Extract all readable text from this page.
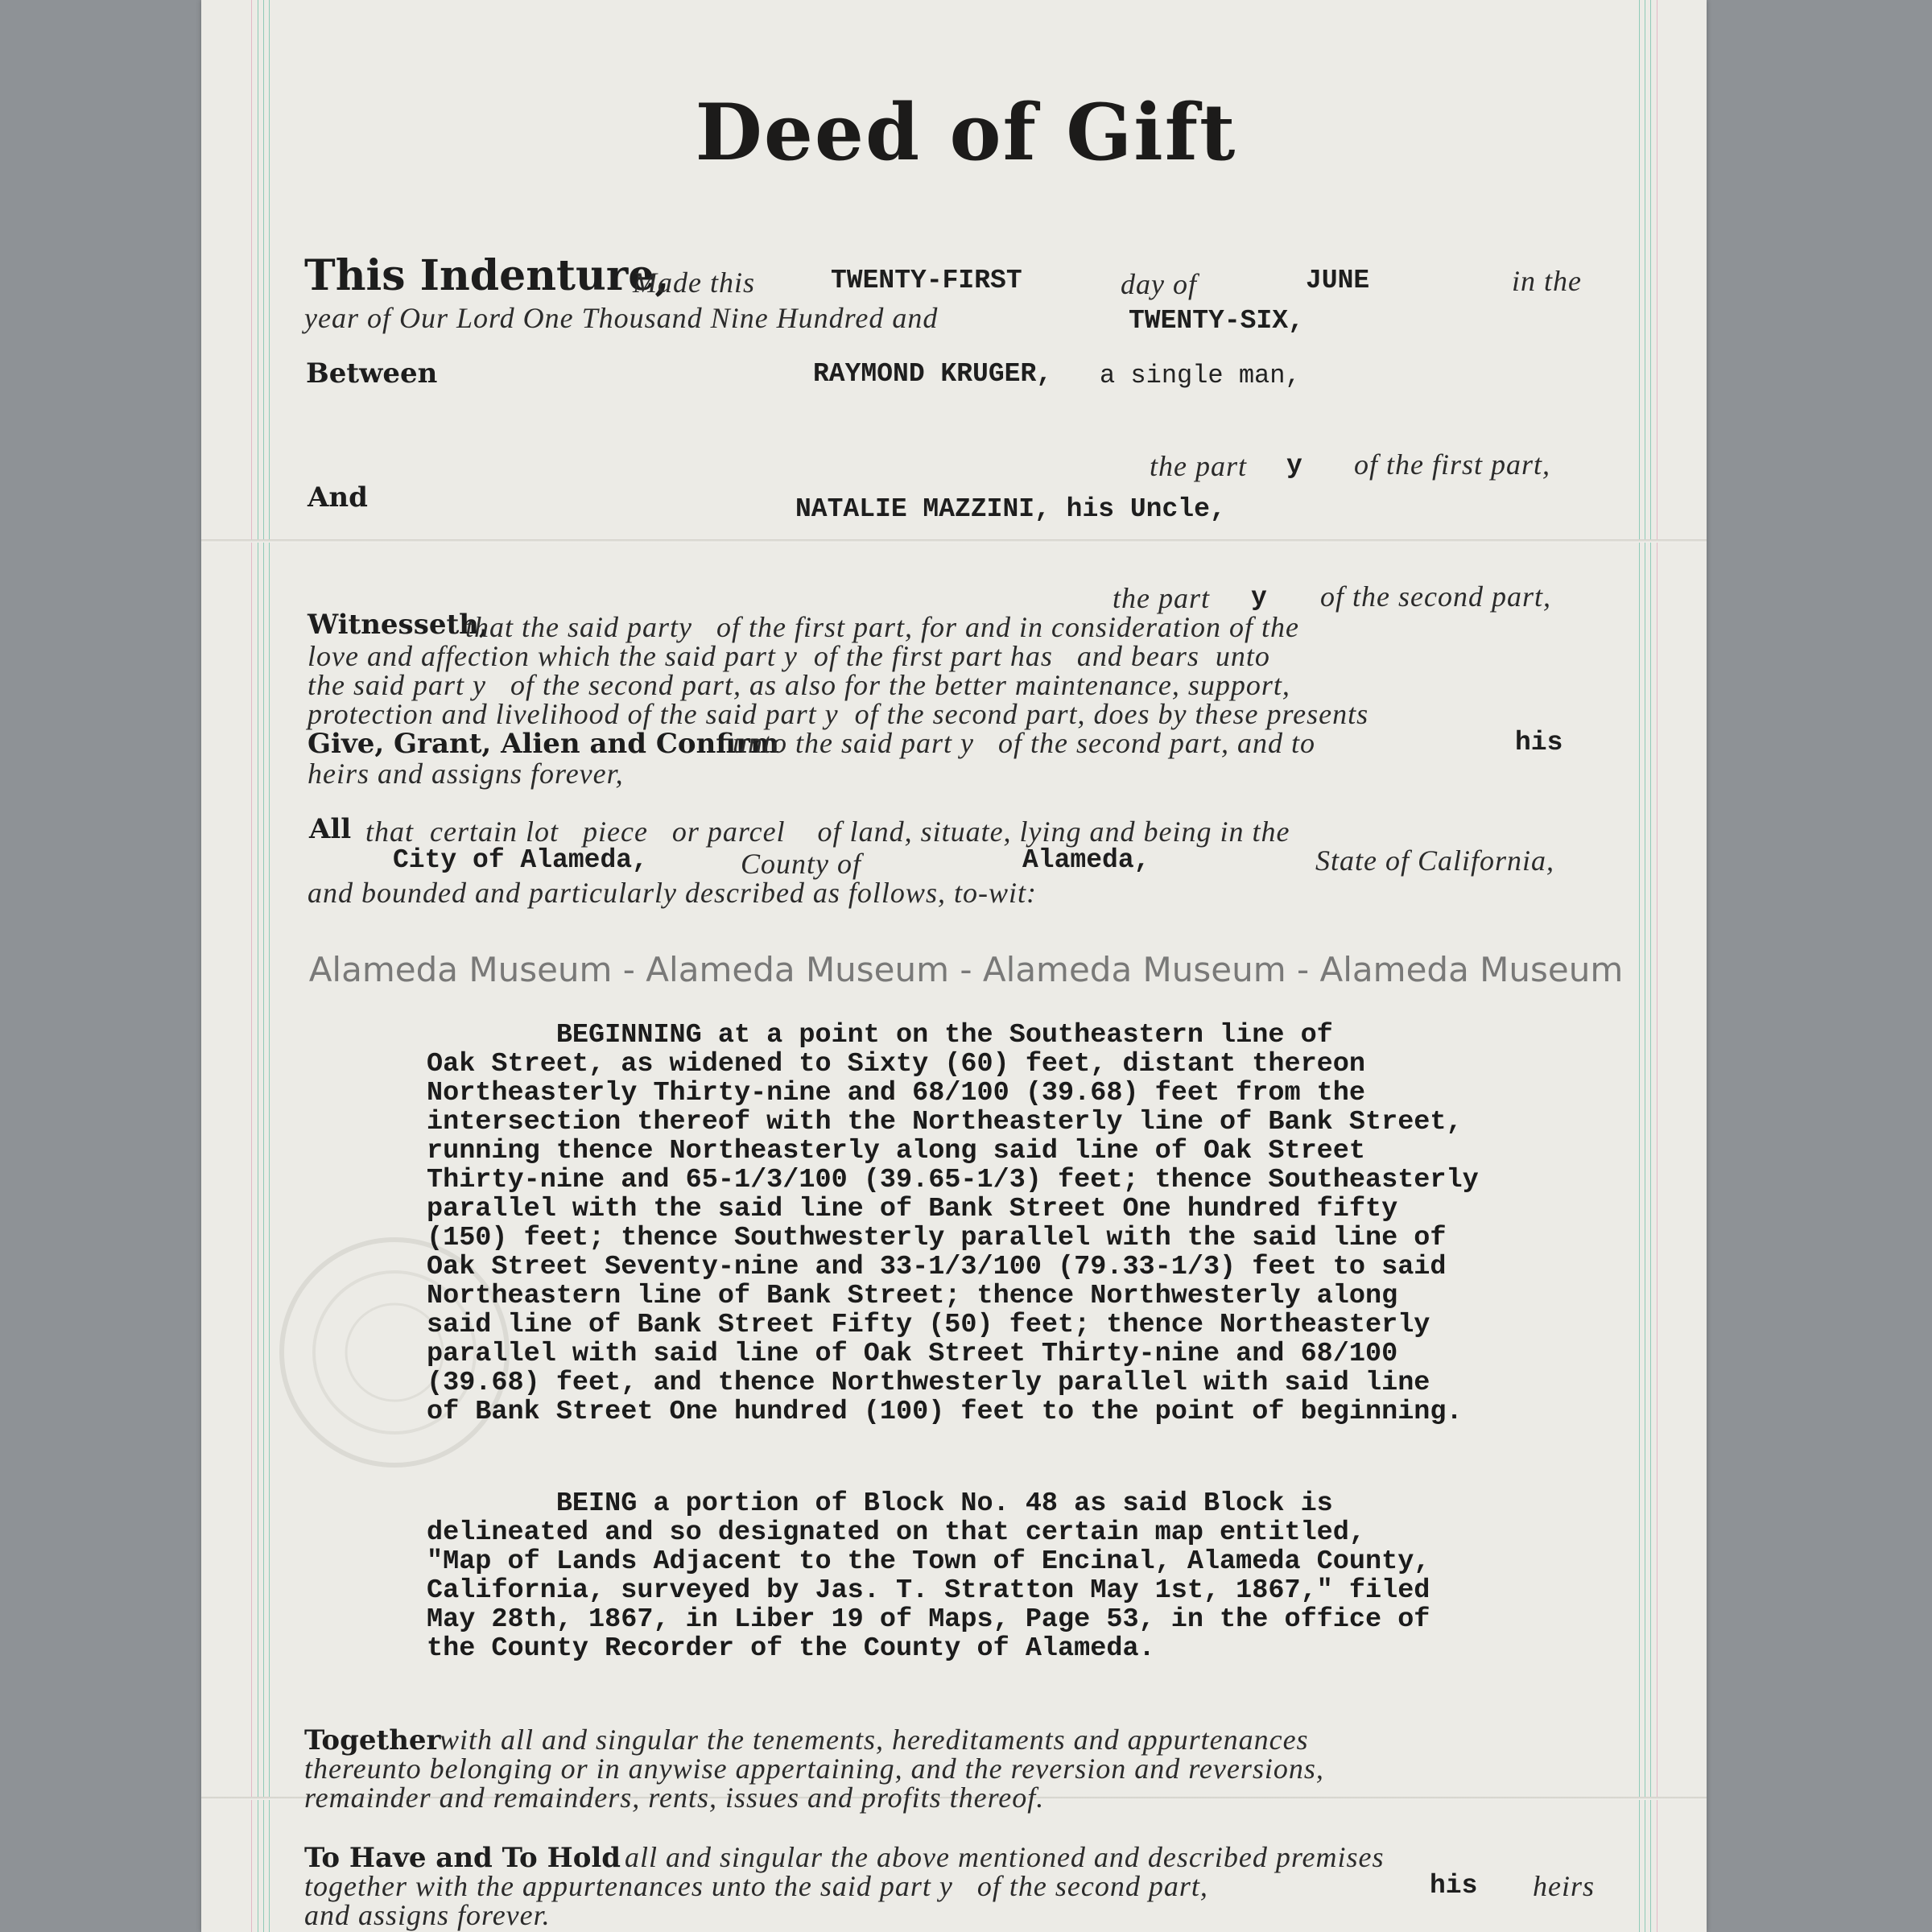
Deed of Gift
This Indenture,
Made this	TWENTY-FIRST	day of	JUNE	in the
year of Our Lord One Thousand Nine Hundred and	TWENTY-SIX,
Between	RAYMOND KRUGER, a single man,
the part y of the first part,
And	NATALIE MAZZINI, his Uncle,
the part y of the second part,
Witnesseth,
that the said party   of the first part, for and in consideration of the
love and affection which the said part y  of the first part has   and bears  unto
the said part y   of the second part, as also for the better maintenance, support,
protection and livelihood of the said part y  of the second part, does by these presents
Give, Grant, Alien and Confirm
unto the said part y   of the second part, and to	his
heirs and assigns forever,
All that  certain lot   piece   or parcel    of land, situate, lying and being in the
City of Alameda,	County of	Alameda,	State of California,
and bounded and particularly described as follows, to-wit:
Alameda Museum - Alameda Museum - Alameda Museum - Alameda Museum
BEGINNING at a point on the Southeastern line of
Oak Street, as widened to Sixty (60) feet, distant thereon
Northeasterly Thirty-nine and 68/100 (39.68) feet from the
intersection thereof with the Northeasterly line of Bank Street,
running thence Northeasterly along said line of Oak Street
Thirty-nine and 65-1/3/100 (39.65-1/3) feet; thence Southeasterly
parallel with the said line of Bank Street One hundred fifty
(150) feet; thence Southwesterly parallel with the said line of
Oak Street Seventy-nine and 33-1/3/100 (79.33-1/3) feet to said
Northeastern line of Bank Street; thence Northwesterly along
said line of Bank Street Fifty (50) feet; thence Northeasterly
parallel with said line of Oak Street Thirty-nine and 68/100
(39.68) feet, and thence Northwesterly parallel with said line
of Bank Street One hundred (100) feet to the point of beginning.
BEING a portion of Block No. 48 as said Block is
delineated and so designated on that certain map entitled,
"Map of Lands Adjacent to the Town of Encinal, Alameda County,
California, surveyed by Jas. T. Stratton May 1st, 1867," filed
May 28th, 1867, in Liber 19 of Maps, Page 53, in the office of
the County Recorder of the County of Alameda.
Together
with all and singular the tenements, hereditaments and appurtenances
thereunto belonging or in anywise appertaining, and the reversion and reversions,
remainder and remainders, rents, issues and profits thereof.
To Have and To Hold all and singular the above mentioned and described premises
together with the appurtenances unto the said part y   of the second part,	his heirs
and assigns forever.
